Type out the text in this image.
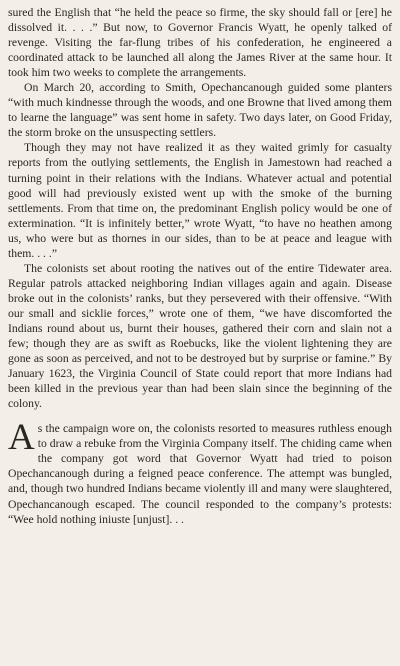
sured the English that “he held the peace so firme, the sky should fall or [ere] he dissolved it. . . .” But now, to Governor Francis Wyatt, he openly talked of revenge. Visiting the far-flung tribes of his confederation, he engineered a coordinated attack to be launched all along the James River at the same hour. It took him two weeks to complete the arrangements.

On March 20, according to Smith, Opechancanough guided some planters “with much kindnesse through the woods, and one Browne that lived among them to learne the language” was sent home in safety. Two days later, on Good Friday, the storm broke on the unsuspecting settlers.

Though they may not have realized it as they waited grimly for casualty reports from the outlying settlements, the English in Jamestown had reached a turning point in their relations with the Indians. Whatever actual and potential good will had previously existed went up with the smoke of the burning settlements. From that time on, the predominant English policy would be one of extermination. “It is infinitely better,” wrote Wyatt, “to have no heathen among us, who were but as thornes in our sides, than to be at peace and league with them. . . .”

The colonists set about rooting the natives out of the entire Tidewater area. Regular patrols attacked neighboring Indian villages again and again. Disease broke out in the colonists’ ranks, but they persevered with their offensive. “With our small and sicklie forces,” wrote one of them, “we have discomforted the Indians round about us, burnt their houses, gathered their corn and slain not a few; though they are as swift as Roebucks, like the violent lightening they are gone as soon as perceived, and not to be destroyed but by surprise or famine.” By January 1623, the Virginia Council of State could report that more Indians had been killed in the previous year than had been slain since the beginning of the colony.

As the campaign wore on, the colonists resorted to measures ruthless enough to draw a rebuke from the Virginia Company itself. The chiding came when the company got word that Governor Wyatt had tried to poison Opechancanough during a feigned peace conference. The attempt was bungled, and, though two hundred Indians became violently ill and many were slaughtered, Opechancanough escaped. The council responded to the company’s protests: “Wee hold nothing iniuste [unjust]. . .
